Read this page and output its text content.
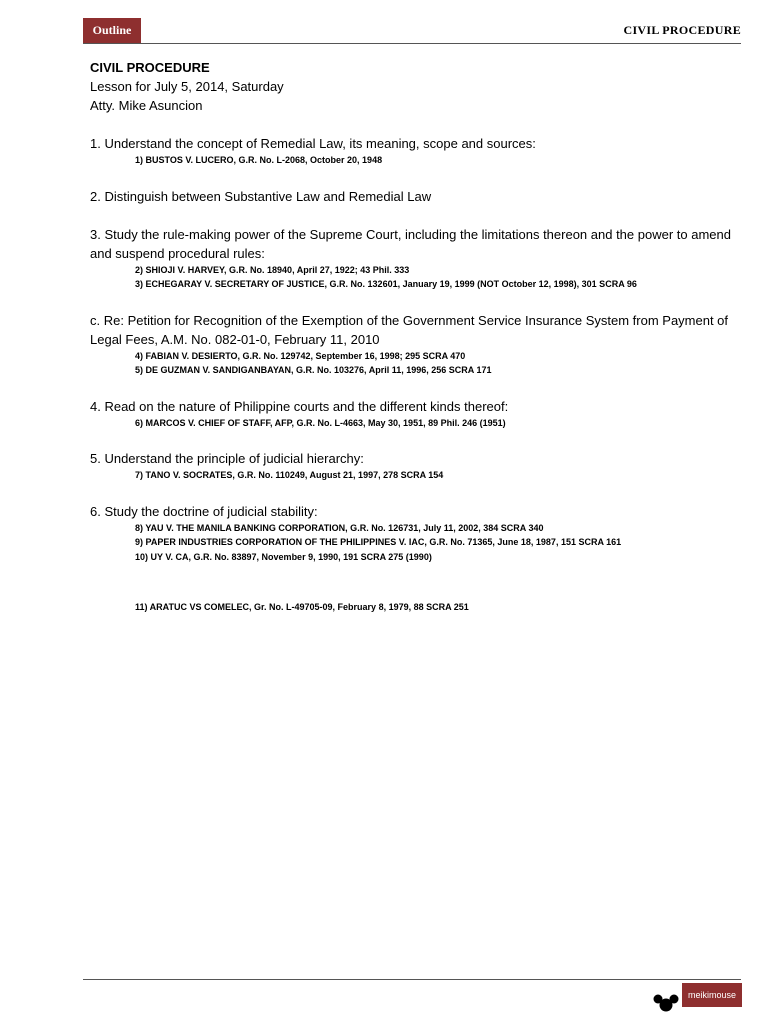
Outline	CIVIL PROCEDURE
CIVIL PROCEDURE
Lesson for July 5, 2014, Saturday
Atty. Mike Asuncion
1. Understand the concept of Remedial Law, its meaning, scope and sources:
1) BUSTOS V. LUCERO, G.R. No. L-2068, October 20, 1948
2. Distinguish between Substantive Law and Remedial Law
3. Study the rule-making power of the Supreme Court, including the limitations thereon and the power to amend and suspend procedural rules:
2) SHIOJI V. HARVEY, G.R. No. 18940, April 27, 1922; 43 Phil. 333
3) ECHEGARAY V. SECRETARY OF JUSTICE, G.R. No. 132601, January 19, 1999 (NOT October 12, 1998), 301 SCRA 96
c. Re: Petition for Recognition of the Exemption of the Government Service Insurance System from Payment of Legal Fees, A.M. No. 082-01-0, February 11, 2010
4) FABIAN V. DESIERTO, G.R. No. 129742, September 16, 1998; 295 SCRA 470
5) DE GUZMAN V. SANDIGANBAYAN, G.R. No. 103276, April 11, 1996, 256 SCRA 171
4. Read on the nature of Philippine courts and the different kinds thereof:
6) MARCOS V. CHIEF OF STAFF, AFP, G.R. No. L-4663, May 30, 1951, 89 Phil. 246 (1951)
5. Understand the principle of judicial hierarchy:
7) TANO V. SOCRATES, G.R. No. 110249, August 21, 1997, 278 SCRA 154
6. Study the doctrine of judicial stability:
8) YAU V. THE MANILA BANKING CORPORATION, G.R. No. 126731, July 11, 2002, 384 SCRA 340
9) PAPER INDUSTRIES CORPORATION OF THE PHILIPPINES V. IAC, G.R. No. 71365, June 18, 1987, 151 SCRA 161
10) UY V. CA, G.R. No. 83897, November 9, 1990, 191 SCRA 275 (1990)
11) ARATUC VS COMELEC, Gr. No. L-49705-09, February 8, 1979, 88 SCRA 251
meikimouse
